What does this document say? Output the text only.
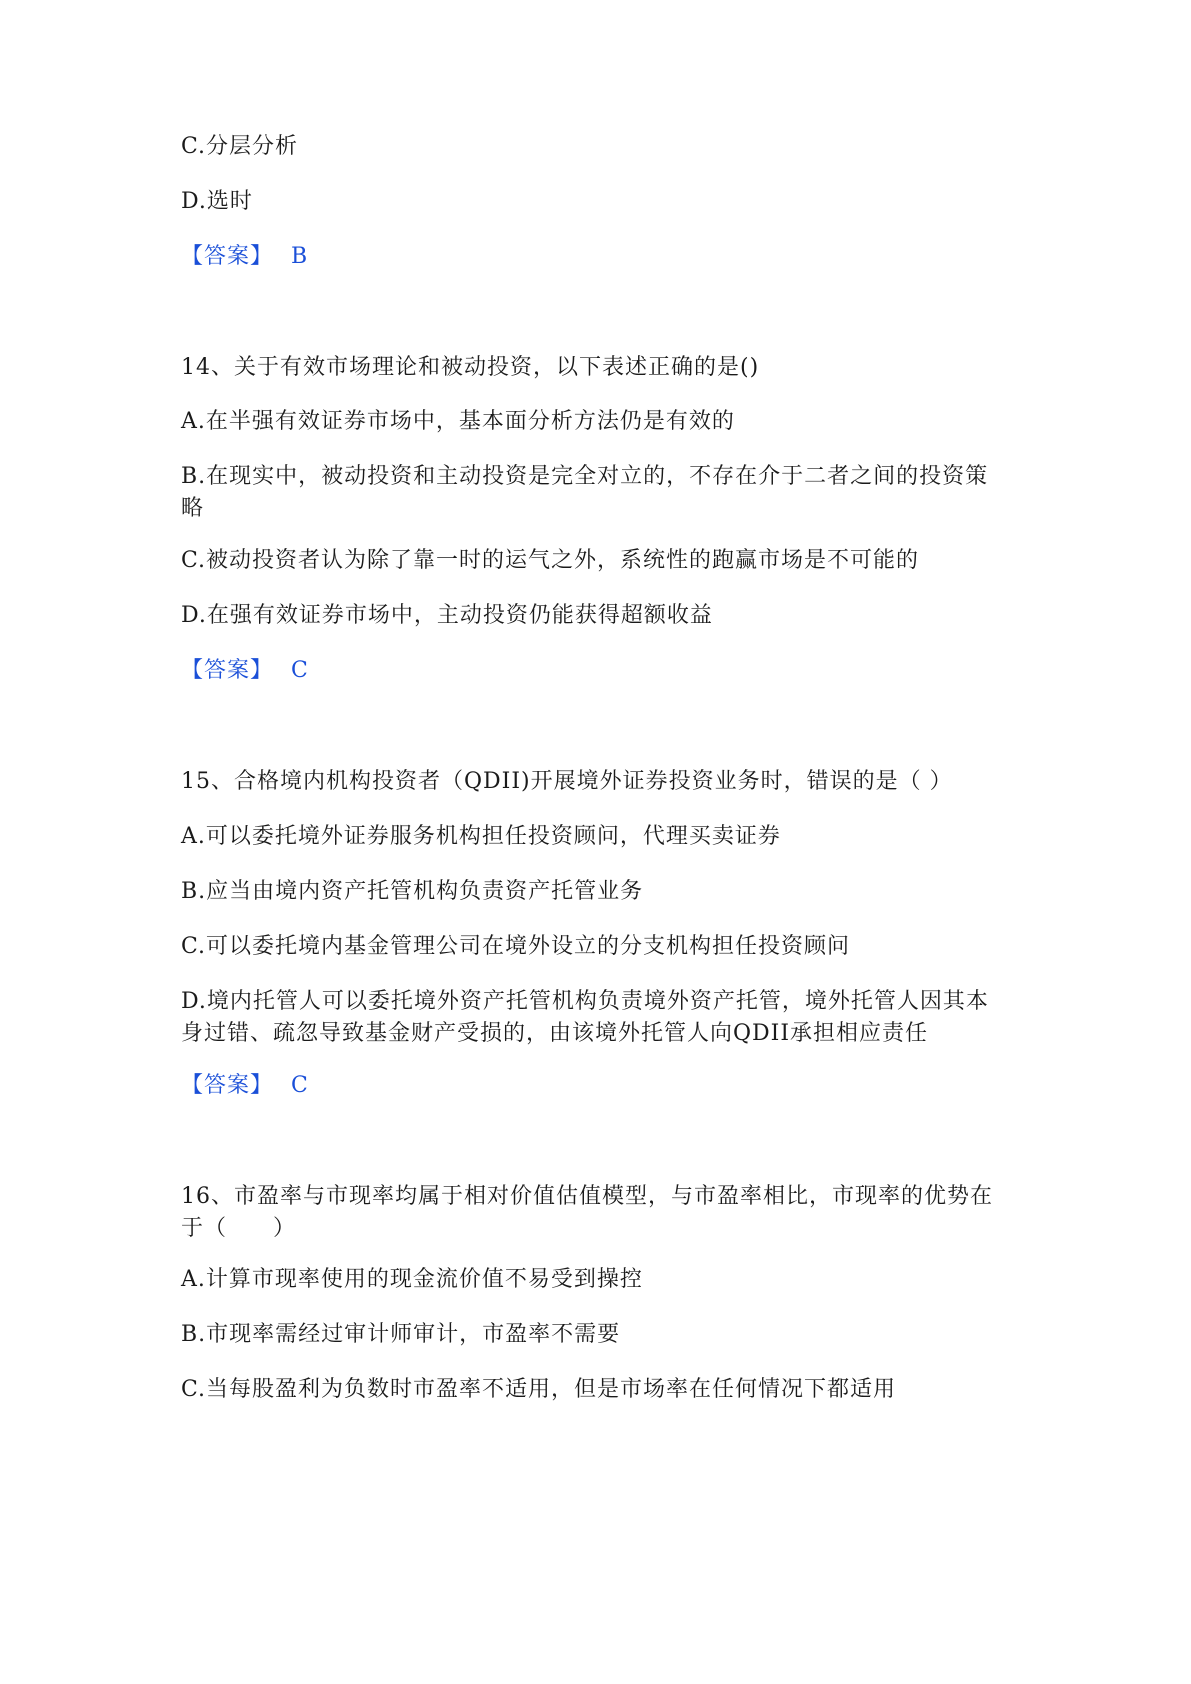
C.分层分析
D.选时
【答案】 B
14、关于有效市场理论和被动投资，以下表述正确的是()
A.在半强有效证券市场中，基本面分析方法仍是有效的
B.在现实中，被动投资和主动投资是完全对立的，不存在介于二者之间的投资策略
C.被动投资者认为除了靠一时的运气之外，系统性的跑赢市场是不可能的
D.在强有效证券市场中，主动投资仍能获得超额收益
【答案】 C
15、合格境内机构投资者（QDII)开展境外证券投资业务时，错误的是（ ）
A.可以委托境外证券服务机构担任投资顾问，代理买卖证券
B.应当由境内资产托管机构负责资产托管业务
C.可以委托境内基金管理公司在境外设立的分支机构担任投资顾问
D.境内托管人可以委托境外资产托管机构负责境外资产托管，境外托管人因其本身过错、疏忽导致基金财产受损的，由该境外托管人向QDII承担相应责任
【答案】 C
16、市盈率与市现率均属于相对价值估值模型，与市盈率相比，市现率的优势在于（　　）
A.计算市现率使用的现金流价值不易受到操控
B.市现率需经过审计师审计，市盈率不需要
C.当每股盈利为负数时市盈率不适用，但是市场率在任何情况下都适用
